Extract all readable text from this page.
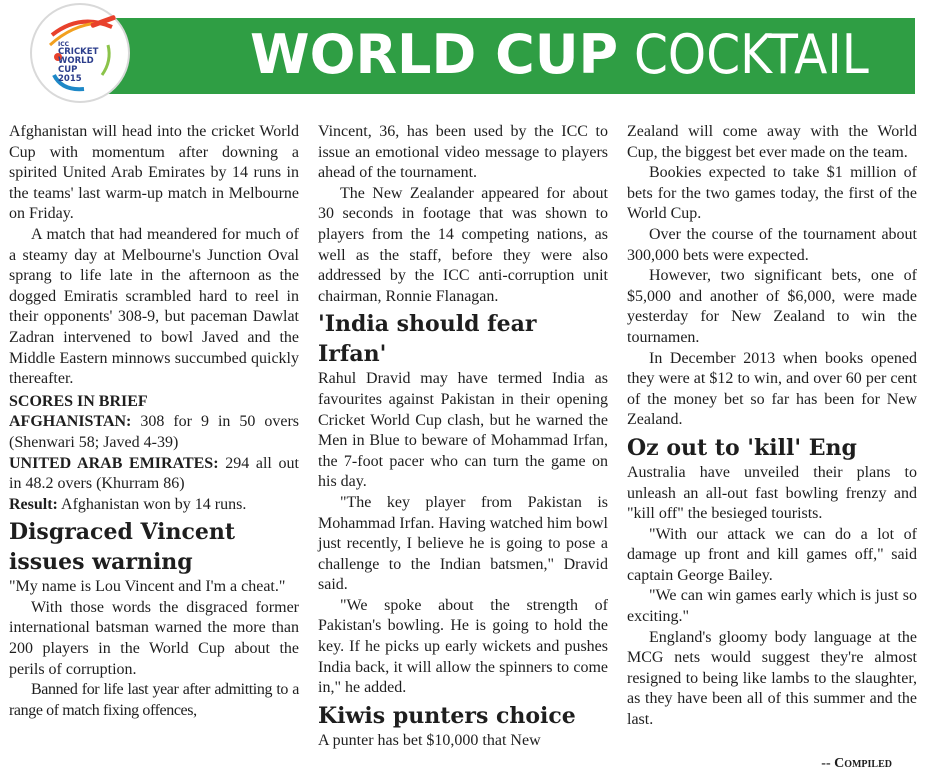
ICC
CRICKET
WORLD
CUP
2015	WORLD CUP COCKTAIL

Afghanistan will head into the cricket World Cup with momentum after downing a spirited United Arab Emirates by 14 runs in the teams' last warm-up match in Melbourne on Friday.

A match that had meandered for much of a steamy day at Melbourne's Junction Oval sprang to life late in the afternoon as the dogged Emiratis scrambled hard to reel in their opponents' 308-9, but paceman Dawlat Zadran intervened to bowl Javed and the Middle Eastern minnows succumbed quickly thereafter.

SCORES IN BRIEF

AFGHANISTAN: 308 for 9 in 50 overs (Shenwari 58; Javed 4-39)

UNITED ARAB EMIRATES: 294 all out in 48.2 overs (Khurram 86)

Result: Afghanistan won by 14 runs.

Disgraced Vincent issues warning

"My name is Lou Vincent and I'm a cheat."

With those words the disgraced former international batsman warned the more than 200 players in the World Cup about the perils of corruption.

Banned for life last year after admitting to a range of match fixing offences,

Vincent, 36, has been used by the ICC to issue an emotional video message to players ahead of the tournament.

The New Zealander appeared for about 30 seconds in footage that was shown to players from the 14 competing nations, as well as the staff, before they were also addressed by the ICC anti-corruption unit chairman, Ronnie Flanagan.

'India should fear Irfan'

Rahul Dravid may have termed India as favourites against Pakistan in their opening Cricket World Cup clash, but he warned the Men in Blue to beware of Mohammad Irfan, the 7-foot pacer who can turn the game on his day.

"The key player from Pakistan is Mohammad Irfan. Having watched him bowl just recently, I believe he is going to pose a challenge to the Indian batsmen," Dravid said.

"We spoke about the strength of Pakistan's bowling. He is going to hold the key. If he picks up early wickets and pushes India back, it will allow the spinners to come in," he added.

Kiwis punters choice

A punter has bet $10,000 that New

Zealand will come away with the World Cup, the biggest bet ever made on the team.

Bookies expected to take $1 million of bets for the two games today, the first of the World Cup.

Over the course of the tournament about 300,000 bets were expected.

However, two significant bets, one of $5,000 and another of $6,000, were made yesterday for New Zealand to win the tournamen.

In December 2013 when books opened they were at $12 to win, and over 60 per cent of the money bet so far has been for New Zealand.

Oz out to 'kill' Eng

Australia have unveiled their plans to unleash an all-out fast bowling frenzy and "kill off" the besieged tourists.

"With our attack we can do a lot of damage up front and kill games off," said captain George Bailey.

"We can win games early which is just so exciting."

England's gloomy body language at the MCG nets would suggest they're almost resigned to being like lambs to the slaughter, as they have been all of this summer and the last.

-- Compiled
